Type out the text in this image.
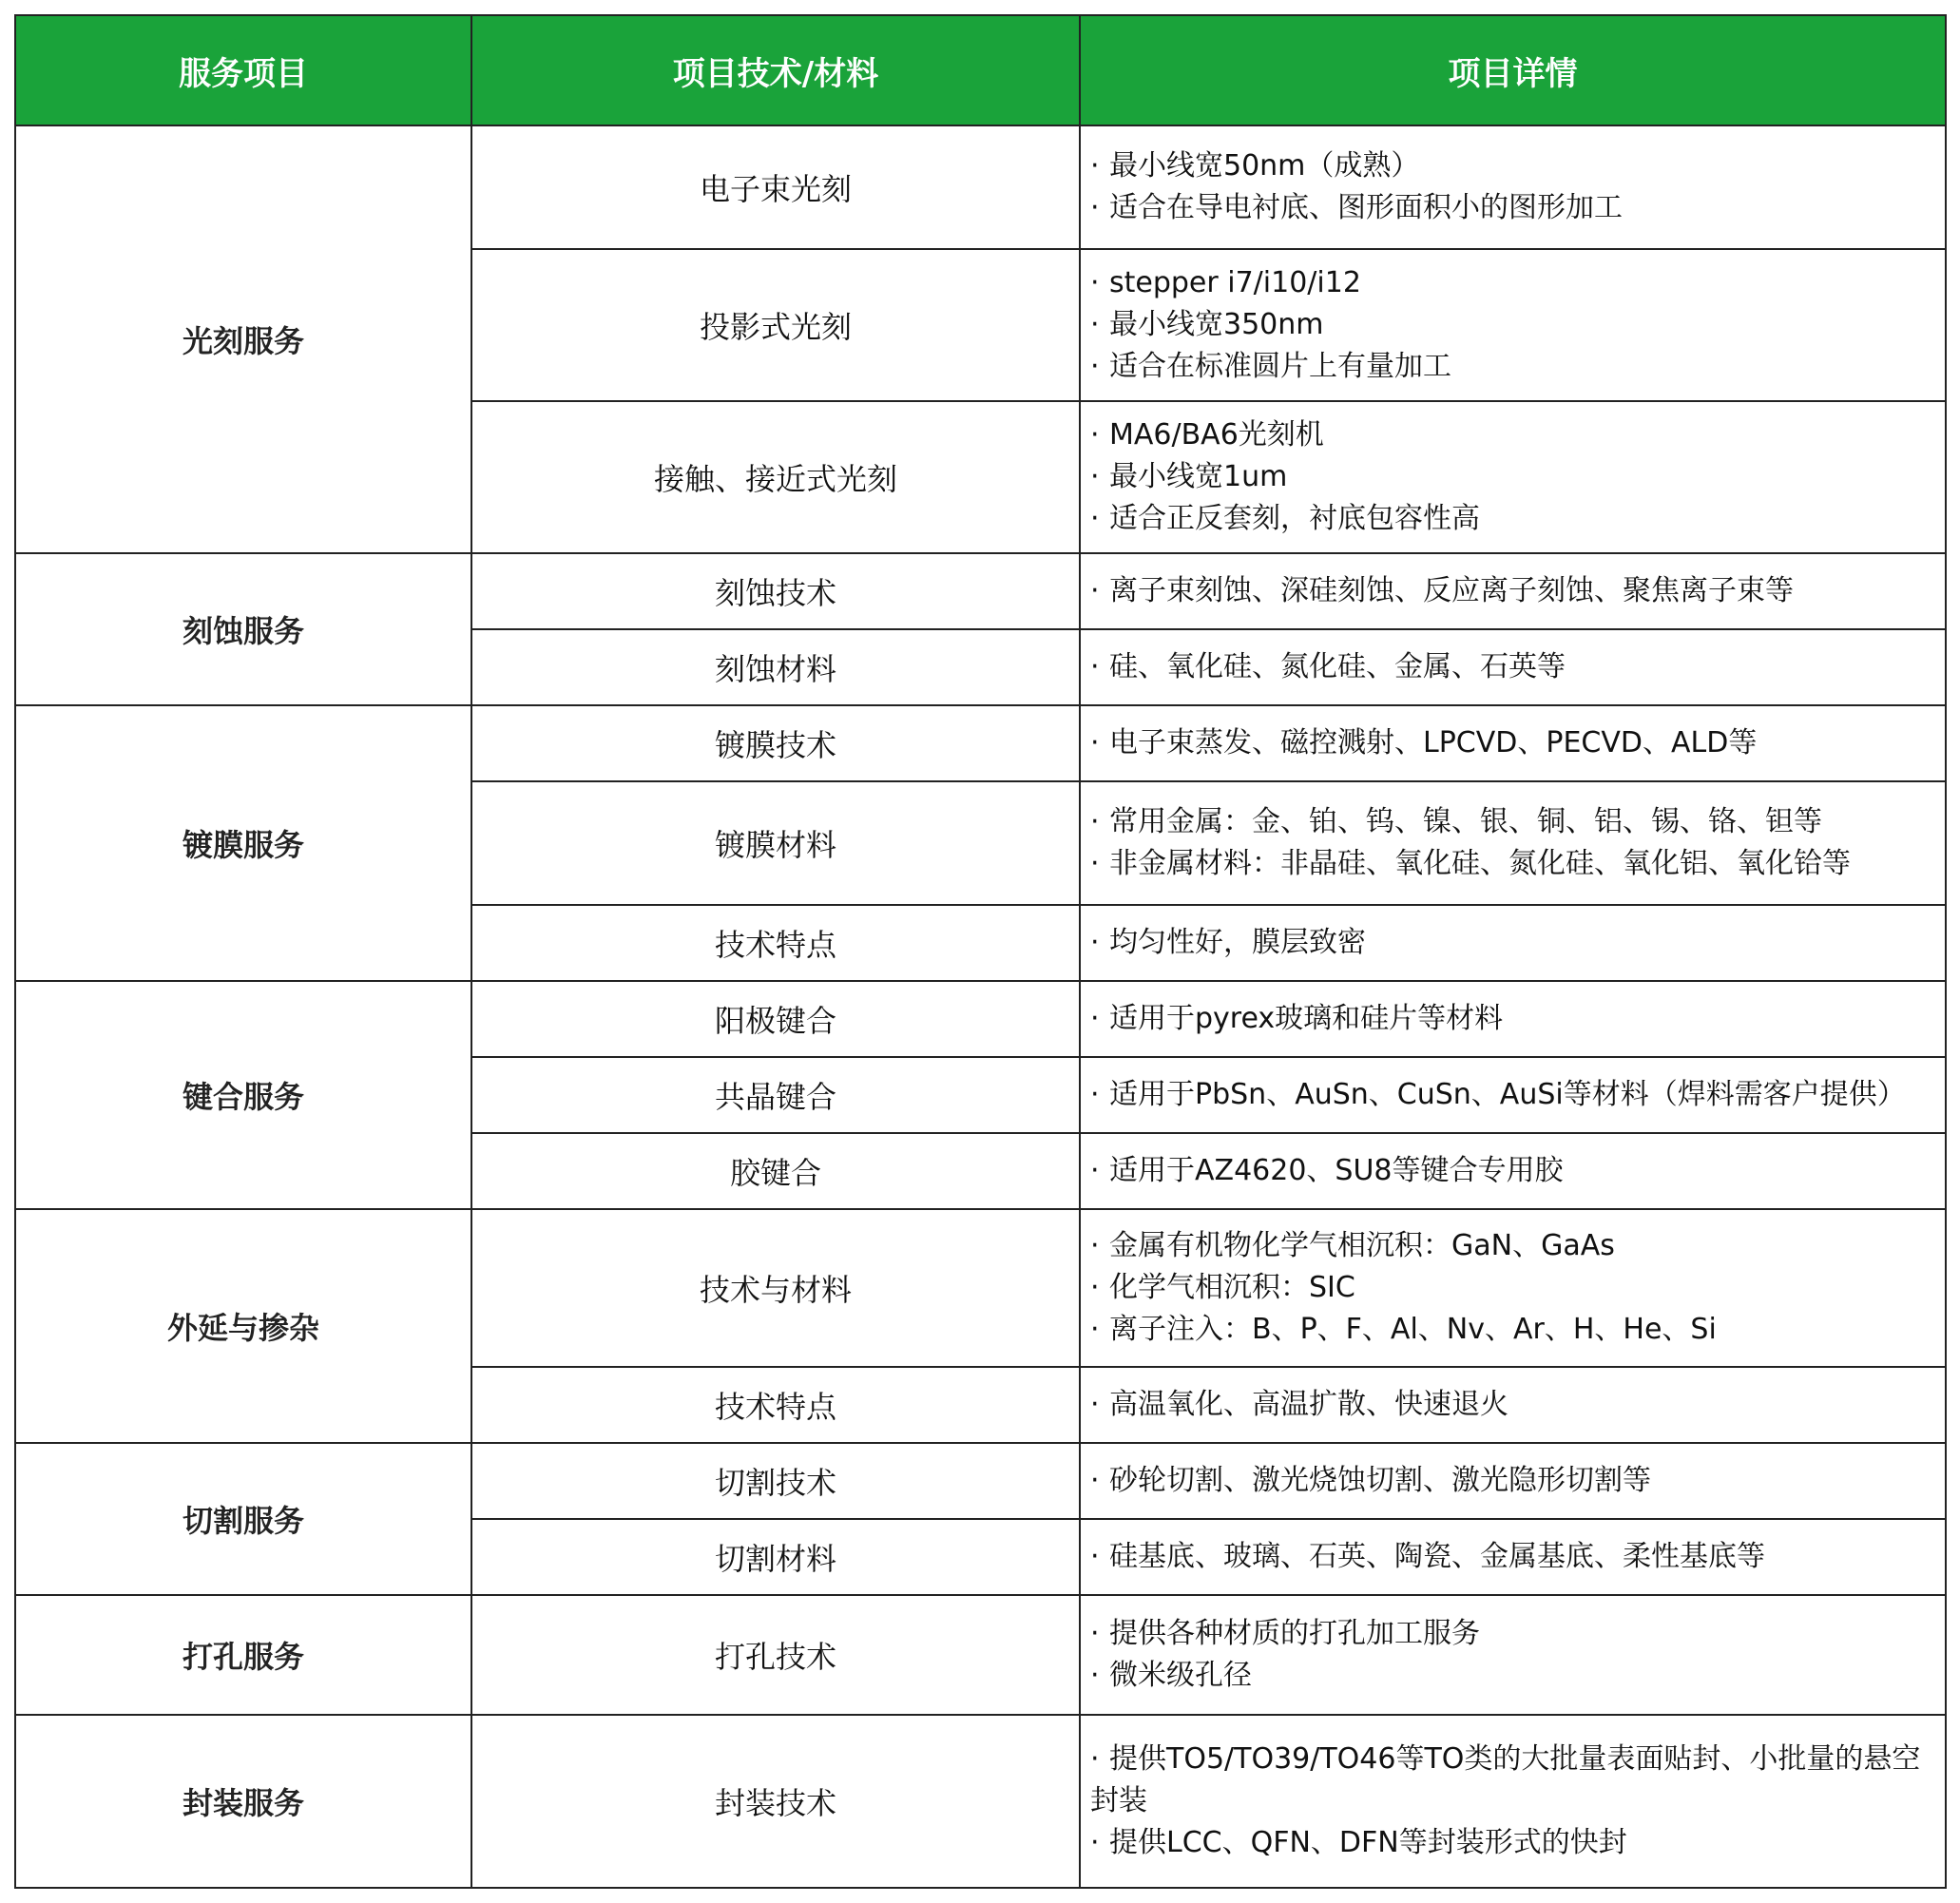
服务项目	项目技术/材料	项目详情
光刻服务	电子束光刻	· 最小线宽50nm（成熟）
· 适合在导电衬底、图形面积小的图形加工

	投影式光刻	· stepper i7/i10/i12
· 最小线宽350nm
· 适合在标准圆片上有量加工

	接触、接近式光刻	· MA6/BA6光刻机
· 最小线宽1um
· 适合正反套刻，衬底包容性高

刻蚀服务	刻蚀技术	· 离子束刻蚀、深硅刻蚀、反应离子刻蚀、聚焦离子束等

	刻蚀材料	· 硅、氧化硅、氮化硅、金属、石英等

镀膜服务	镀膜技术	· 电子束蒸发、磁控溅射、LPCVD、PECVD、ALD等

	镀膜材料	· 常用金属：金、铂、钨、镍、银、铜、铝、锡、铬、钽等
· 非金属材料：非晶硅、氧化硅、氮化硅、氧化铝、氧化铪等

	技术特点	· 均匀性好，膜层致密

键合服务	阳极键合	· 适用于pyrex玻璃和硅片等材料

	共晶键合	· 适用于PbSn、AuSn、CuSn、AuSi等材料（焊料需客户提供）

	胶键合	· 适用于AZ4620、SU8等键合专用胶

外延与掺杂	技术与材料	· 金属有机物化学气相沉积：GaN、GaAs
· 化学气相沉积：SIC
· 离子注入：B、P、F、Al、Nv、Ar、H、He、Si

	技术特点	· 高温氧化、高温扩散、快速退火

切割服务	切割技术	· 砂轮切割、激光烧蚀切割、激光隐形切割等

	切割材料	· 硅基底、玻璃、石英、陶瓷、金属基底、柔性基底等

打孔服务	打孔技术	· 提供各种材质的打孔加工服务
· 微米级孔径

封装服务	封装技术	· 提供TO5/TO39/TO46等TO类的大批量表面贴封、小批量的悬空封装
· 提供LCC、QFN、DFN等封装形式的快封
